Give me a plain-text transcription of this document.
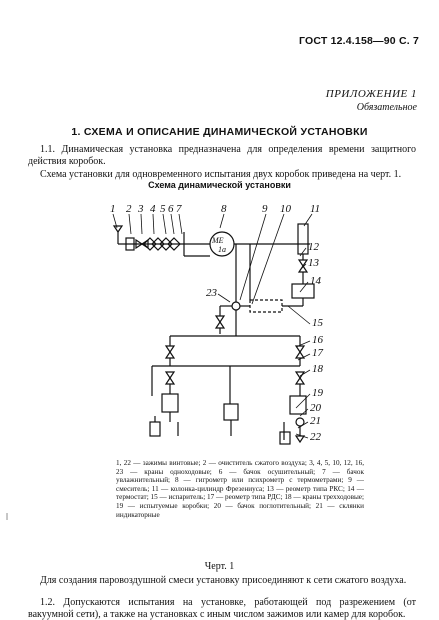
ГОСТ 12.4.158—90 С. 7
ПРИЛОЖЕНИЕ 1
Обязательное
1. СХЕМА И ОПИСАНИЕ ДИНАМИЧЕСКОЙ УСТАНОВКИ
1.1. Динамическая установка предназначена для определения времени защитного действия коробок.
Схема установки для одновременного испытания двух коробок приведена на черт. 1.
Схема динамической установки
1 2 3 4 5 6 7	8	9 10 11
12
13
14
15
16
17
18
19
20
21
22
23
МЕ
1а
1, 22 — зажимы винтовые; 2 — очиститель сжатого воздуха; 3, 4, 5, 10, 12, 16, 23 — краны одноходовые; 6 — бачок осушительный; 7 — бачок увлажнительный; 8 — гигрометр или психрометр с термометрами; 9 — смеситель; 11 — колонка-цилиндр Фрезениуса; 13 — реометр типа РКС; 14 — термостат; 15 — испаритель; 17 — реометр типа РДС; 18 — краны трехходовые; 19 — испытуемые коробки; 20 — бачок поглотительный; 21 — склянки индикаторные
ǀ
Черт. 1
Для создания паровоздушной смеси установку присоединяют к сети сжатого воздуха.
1.2. Допускаются испытания на установке, работающей под разрежением (от вакуумной сети), а также на установках с иным числом зажимов или камер для коробок.
